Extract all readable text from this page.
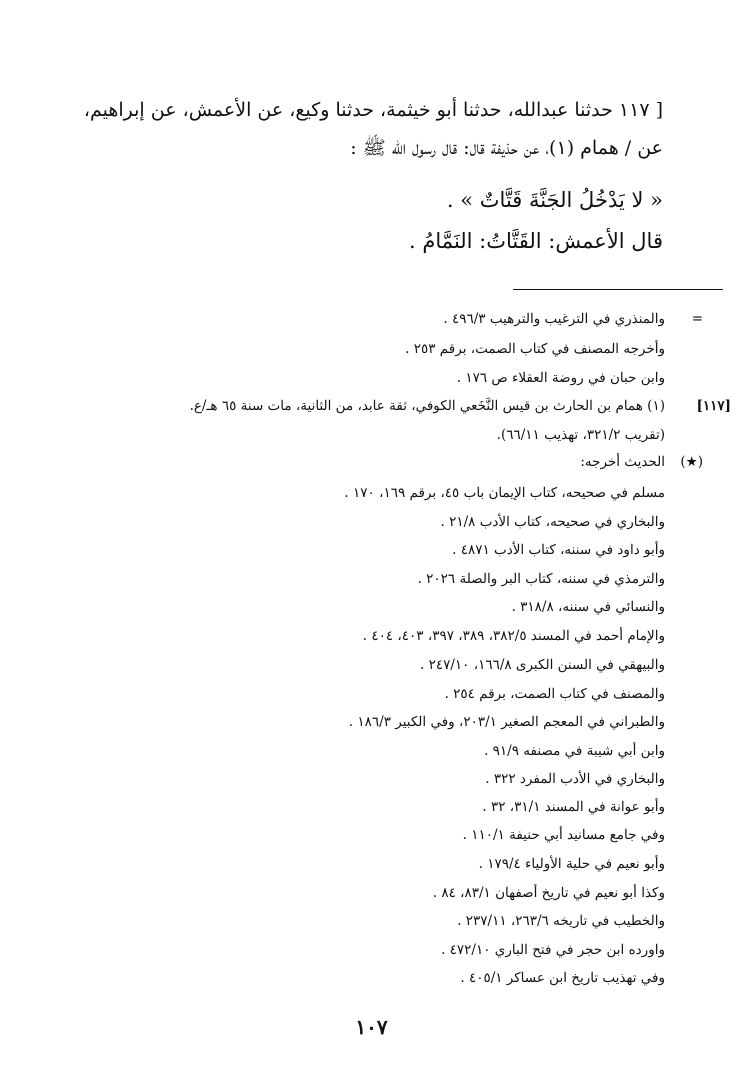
[ ١١٧ حدثنا عبدالله، حدثنا أبو خيثمة، حدثنا وكيع، عن الأعمش، عن إبراهيم،

عن / همام (١)، عن حذيفة قال: قال رسول الله ﷺ :

« لا يَدْخُلُ الجَنَّةَ قَتَّاتٌ » .

قال الأعمش: القَتَّاتُ: النَمَّامُ .

=
والمنذري في الترغيب والترهيب ٤٩٦/٣ .
وأخرجه المصنف في كتاب الصمت، برقم ٢٥٣ .
وابن حبان في روضة العقلاء ص ١٧٦ .
[١١٧]
(١) همام بن الحارث بن قيس النَّخَعي الكوفي، ثقة عابد، من الثانية، مات سنة ٦٥ هـ/ع.
(تقريب ٣٢١/٢، تهذيب ٦٦/١١).
(★)
الحديث أخرجه:
مسلم في صحيحه، كتاب الإيمان باب ٤٥، برقم ١٦٩، ١٧٠ .
والبخاري في صحيحه، كتاب الأدب ٢١/٨ .
وأبو داود في سننه، كتاب الأدب ٤٨٧١ .
والترمذي في سننه، كتاب البر والصلة ٢٠٢٦ .
والنسائي في سننه، ٣١٨/٨ .
والإمام أحمد في المسند ٣٨٢/٥، ٣٨٩، ٣٩٧، ٤٠٣، ٤٠٤ .
والبيهقي في السنن الكبرى ١٦٦/٨، ٢٤٧/١٠ .
والمصنف في كتاب الصمت، برقم ٢٥٤ .
والطبراني في المعجم الصغير ٢٠٣/١، وفي الكبير ١٨٦/٣ .
وابن أبي شيبة في مصنفه ٩١/٩ .
والبخاري في الأدب المفرد ٣٢٢ .
وأبو عوانة في المسند ٣١/١، ٣٢ .
وفي جامع مسانيد أبي حنيفة ١١٠/١ .
وأبو نعيم في حلية الأولياء ١٧٩/٤ .
وكذا أبو نعيم في تاريخ أصفهان ٨٣/١، ٨٤ .
والخطيب في تاريخه ٢٦٣/٦، ٢٣٧/١١ .
واورده ابن حجر في فتح الباري ٤٧٢/١٠ .
وفي تهذيب تاريخ ابن عساكر ٤٠٥/١ .
١٠٧
